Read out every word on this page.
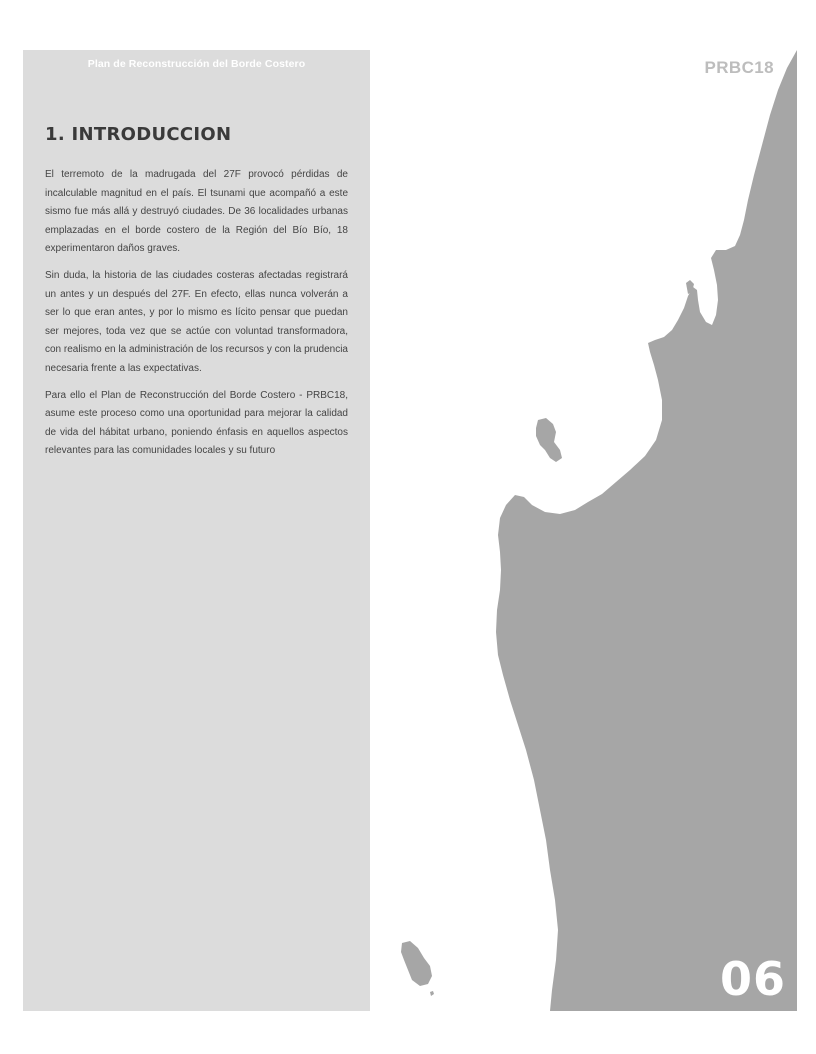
Plan de Reconstrucción del Borde Costero
1. INTRODUCCION

El terremoto de la madrugada del 27F provocó pérdidas de incalculable magnitud en el país. El tsunami que acompañó a este sismo fue más allá y destruyó ciudades. De 36 localidades urbanas emplazadas en el borde costero de la Región del Bío Bío, 18 experimentaron daños graves.

Sin duda, la historia de las ciudades costeras afectadas registrará un antes y un después del 27F. En efecto, ellas nunca volverán a ser lo que eran antes, y por lo mismo es lícito pensar que puedan ser mejores, toda vez que se actúe con voluntad transformadora, con realismo en la administración de los recursos y con la prudencia necesaria frente a las expectativas.

Para ello el Plan de Reconstrucción del Borde Costero - PRBC18, asume este proceso como una oportunidad para mejorar la calidad de vida del hábitat urbano, poniendo énfasis en aquellos aspectos relevantes para las comunidades locales y su futuro

PRBC18
06
